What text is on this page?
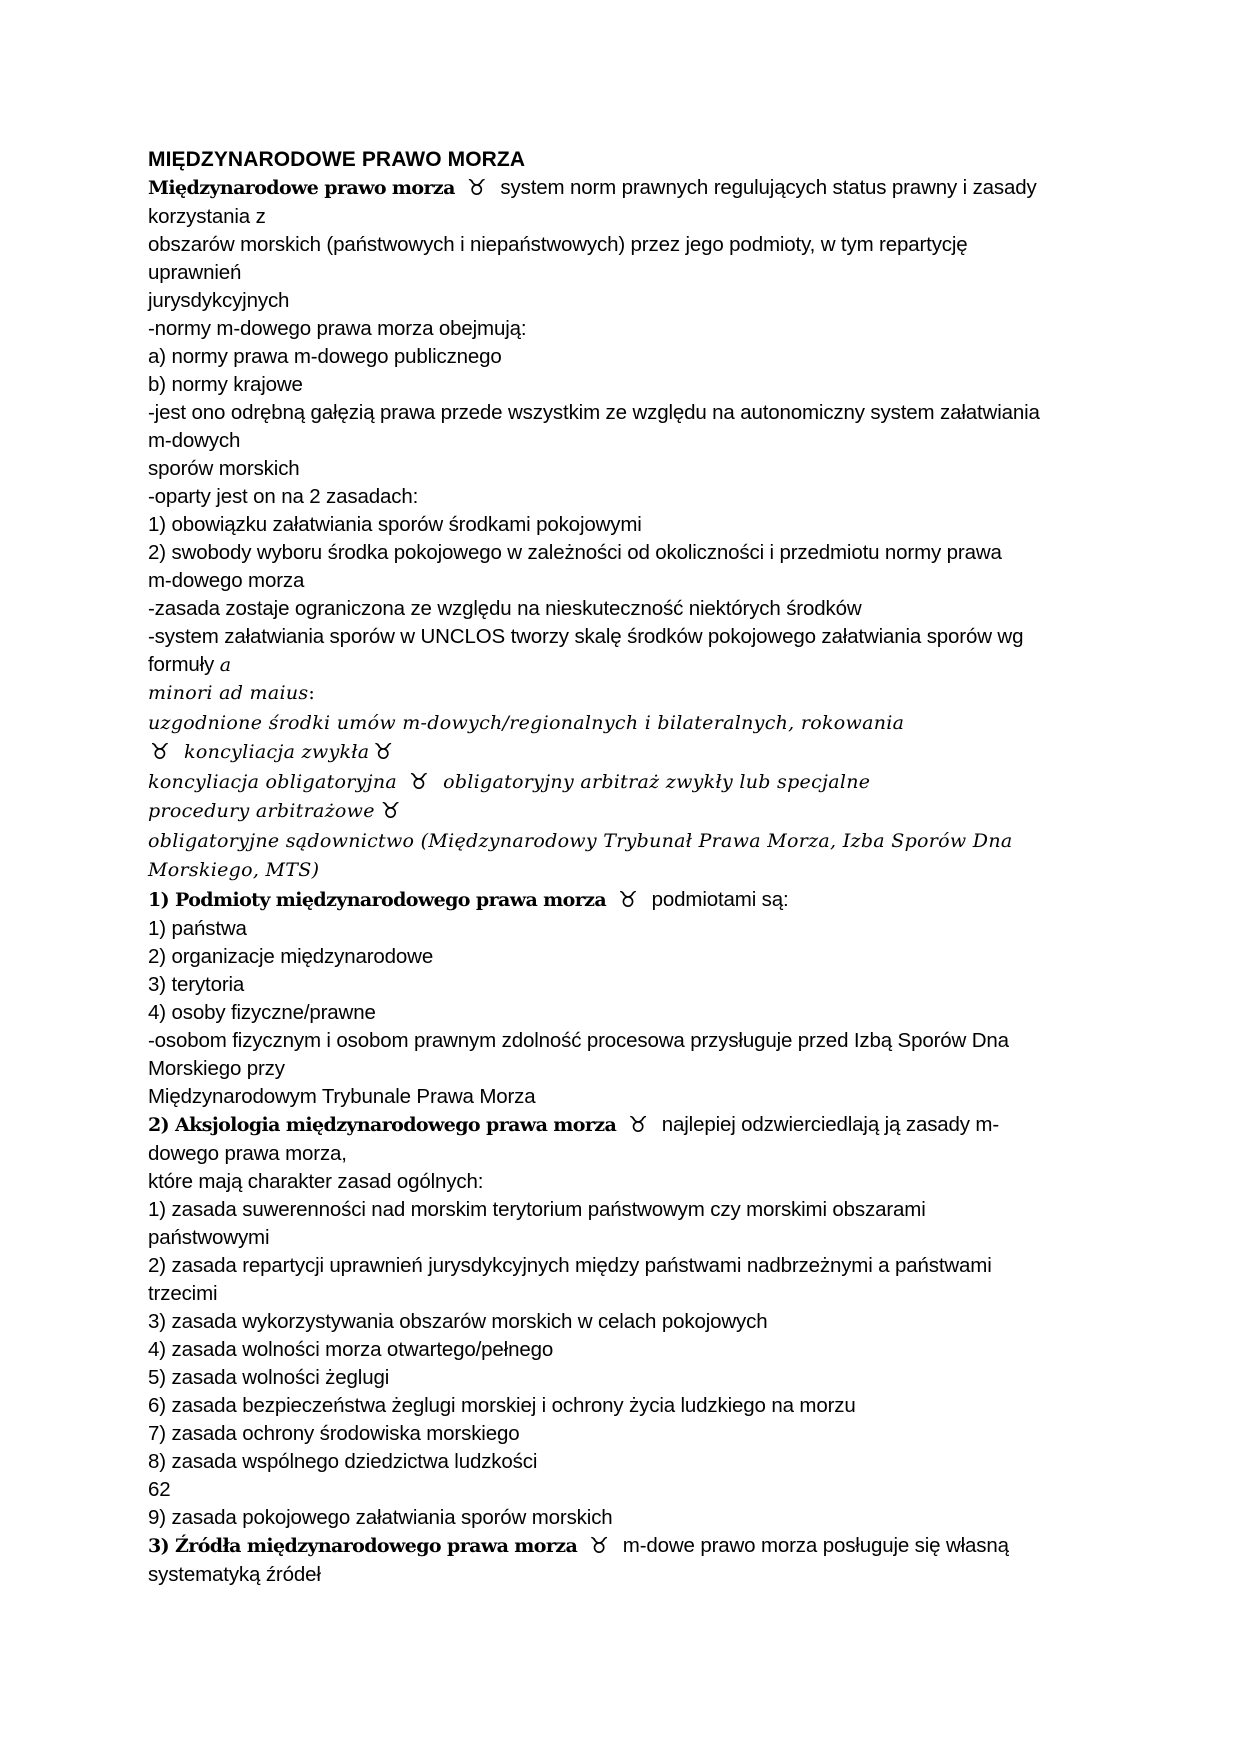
MIĘDZYNARODOWE PRAWO MORZA
Międzynarodowe prawo morza ♉ system norm prawnych regulujących status prawny i zasady
korzystania z
obszarów morskich (państwowych i niepaństwowych) przez jego podmioty, w tym repartycję
uprawnień
jurysdykcyjnych
-normy m-dowego prawa morza obejmują:
a) normy prawa m-dowego publicznego
b) normy krajowe
-jest ono odrębną gałęzią prawa przede wszystkim ze względu na autonomiczny system załatwiania
m-dowych
sporów morskich
-oparty jest on na 2 zasadach:
1) obowiązku załatwiania sporów środkami pokojowymi
2) swobody wyboru środka pokojowego w zależności od okoliczności i przedmiotu normy prawa
m-dowego morza
-zasada zostaje ograniczona ze względu na nieskuteczność niektórych środków
-system załatwiania sporów w UNCLOS tworzy skalę środków pokojowego załatwiania sporów wg
formuły a
minori ad maius:
uzgodnione środki umów m-dowych/regionalnych i bilateralnych, rokowania
♉ koncyliacja zwykła ♉
koncyliacja obligatoryjna ♉ obligatoryjny arbitraż zwykły lub specjalne
procedury arbitrażowe ♉
obligatoryjne sądownictwo (Międzynarodowy Trybunał Prawa Morza, Izba Sporów Dna
Morskiego, MTS)
1) Podmioty międzynarodowego prawa morza ♉ podmiotami są:
1) państwa
2) organizacje międzynarodowe
3) terytoria
4) osoby fizyczne/prawne
-osobom fizycznym i osobom prawnym zdolność procesowa przysługuje przed Izbą Sporów Dna
Morskiego przy
Międzynarodowym Trybunale Prawa Morza
2) Aksjologia międzynarodowego prawa morza ♉ najlepiej odzwierciedlają ją zasady m-
dowego prawa morza,
które mają charakter zasad ogólnych:
1) zasada suwerenności nad morskim terytorium państwowym czy morskimi obszarami
państwowymi
2) zasada repartycji uprawnień jurysdykcyjnych między państwami nadbrzeżnymi a państwami
trzecimi
3) zasada wykorzystywania obszarów morskich w celach pokojowych
4) zasada wolności morza otwartego/pełnego
5) zasada wolności żeglugi
6) zasada bezpieczeństwa żeglugi morskiej i ochrony życia ludzkiego na morzu
7) zasada ochrony środowiska morskiego
8) zasada wspólnego dziedzictwa ludzkości
62
9) zasada pokojowego załatwiania sporów morskich
3) Źródła międzynarodowego prawa morza ♉ m-dowe prawo morza posługuje się własną
systematyką źródeł
